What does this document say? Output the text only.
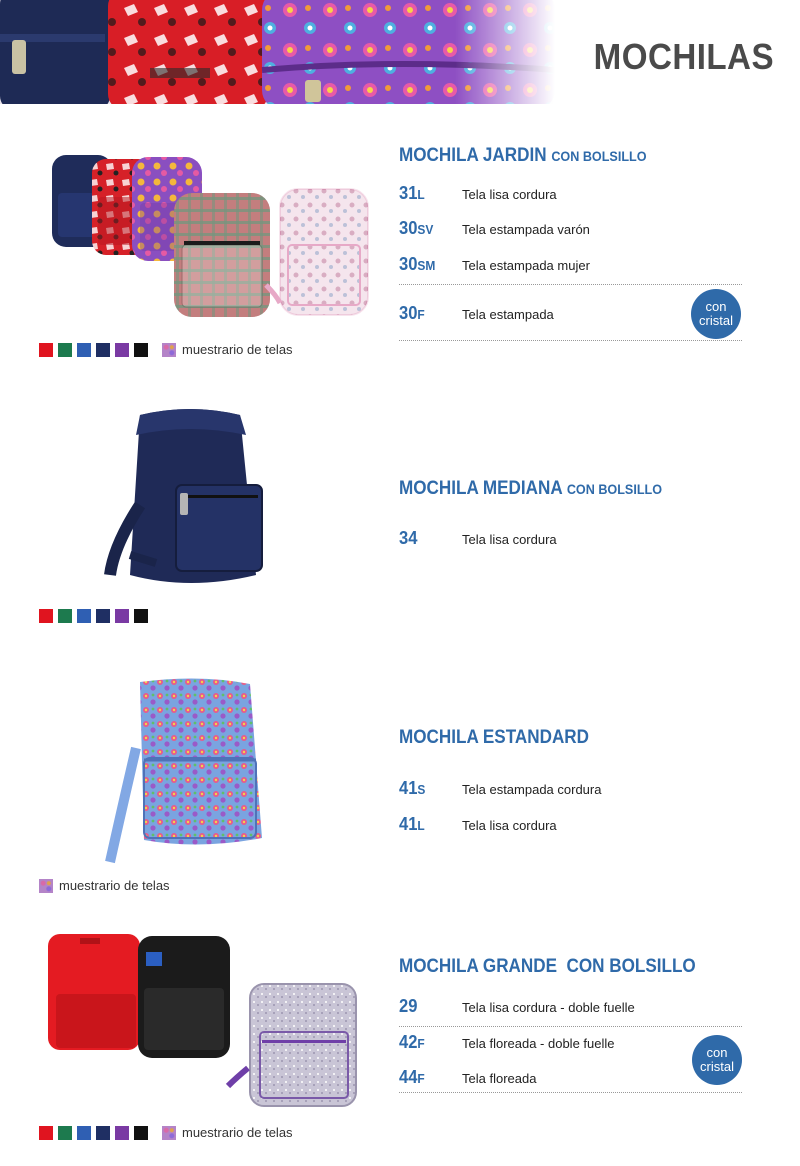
MOCHILAS
muestrario de telas
MOCHILA JARDIN CON BOLSILLO
31L	Tela lisa cordura
30SV Tela estampada varón
30SM Tela estampada mujer
30F	Tela estampada
con
cristal
MOCHILA MEDIANA CON BOLSILLO
34	Tela lisa cordura
muestrario de telas
MOCHILA ESTANDARD
41S	Tela estampada cordura
41L	Tela lisa cordura
muestrario de telas
MOCHILA GRANDE  CON BOLSILLO
29	Tela lisa cordura - doble fuelle
42F	Tela floreada - doble fuelle
44F	Tela floreada
con
cristal
